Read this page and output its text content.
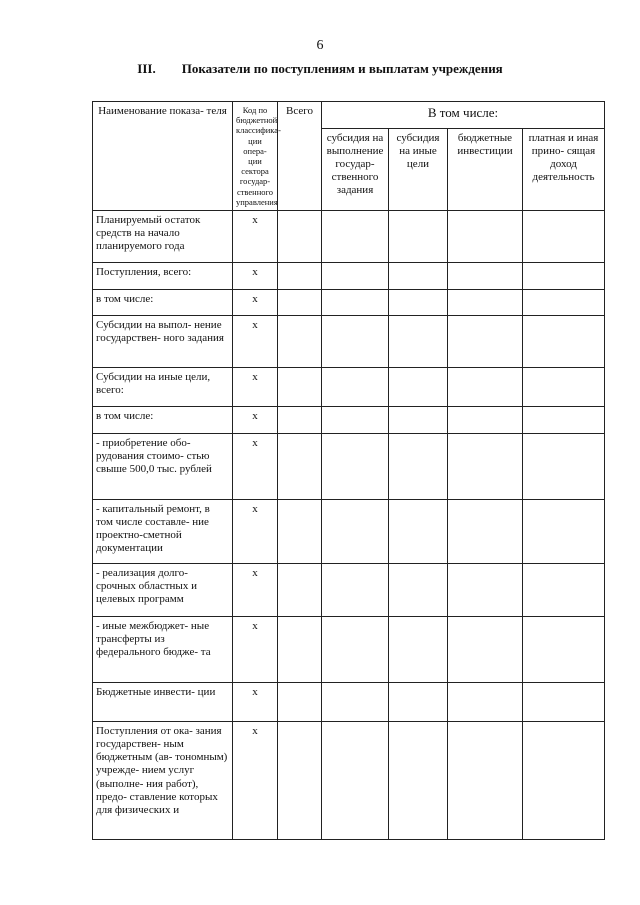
6
III. Показатели по поступлениям и выплатам учреждения
Наименование показа- теля	Код по бюджетной классифика- ции опера- ции сектора государ- ственного управления	Всего	В том числе:			
			субсидия на выполнение государ- ственного задания	субсидия на иные цели	бюджетные инвестиции	платная и иная прино- сящая доход деятельность
Планируемый остаток средств на начало планируемого года	x					
Поступления, всего:	x					
в том числе:	x					
Субсидии на выпол- нение государствен- ного задания	x					
Субсидии на иные цели, всего:	x					
в том числе:	x					
- приобретение обо- рудования стоимо- стью свыше 500,0 тыс. рублей	x					
- капитальный ремонт, в том числе составле- ние проектно-сметной документации	x					
- реализация долго- срочных областных и целевых программ	x					
- иные межбюджет- ные трансферты из федерального бюдже- та	x					
Бюджетные инвести- ции	x					
Поступления от ока- зания государствен- ным бюджетным (ав- тономным) учрежде- нием услуг (выполне- ния работ), предо- ставление которых для физических и	x					
